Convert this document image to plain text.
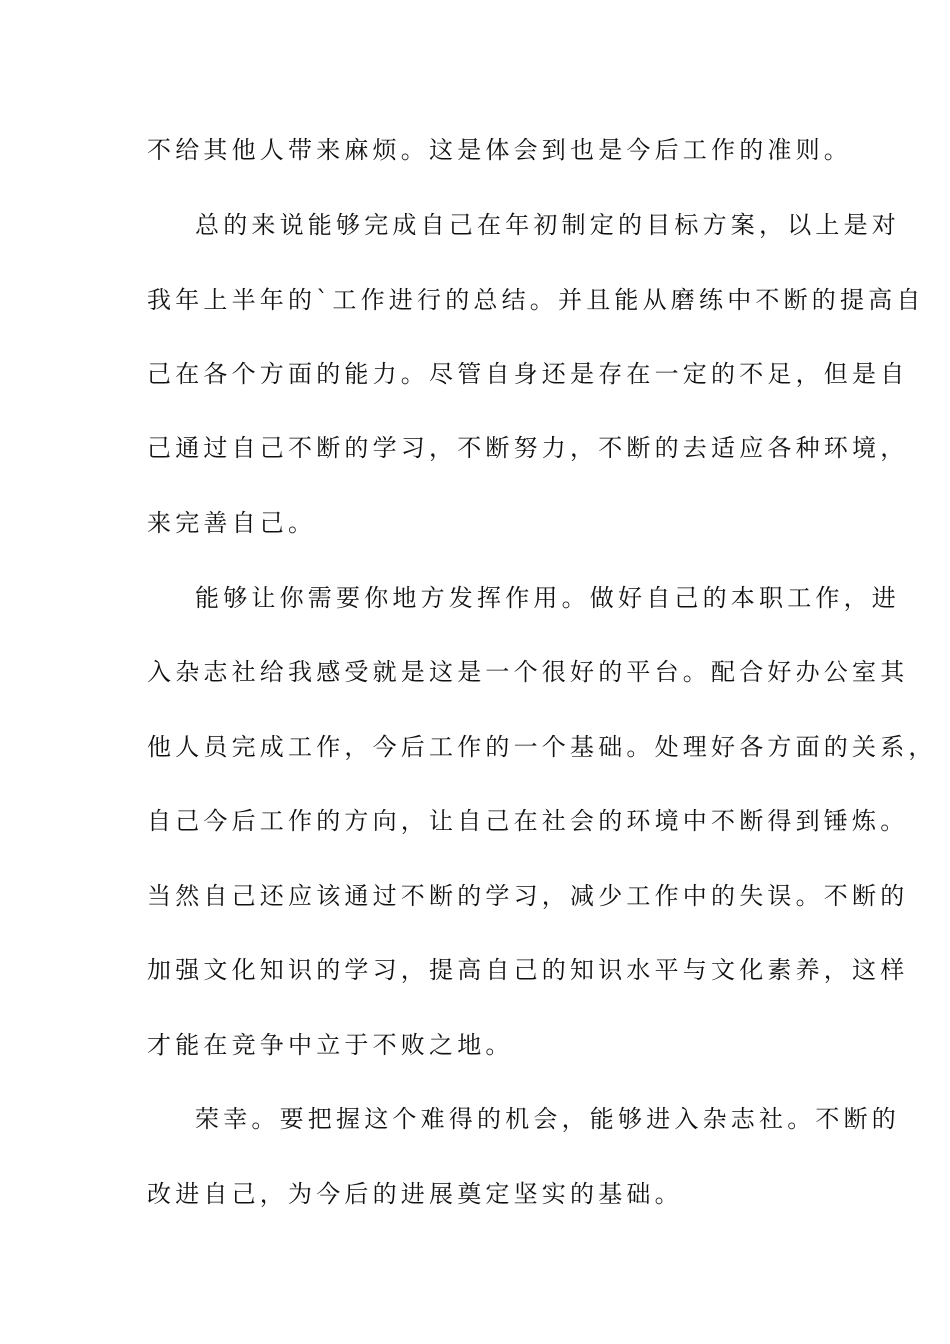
不给其他人带来麻烦。这是体会到也是今后工作的准则。

总的来说能够完成自己在年初制定的目标方案，以上是对

我年上半年的`工作进行的总结。并且能从磨练中不断的提高自

己在各个方面的能力。尽管自身还是存在一定的不足，但是自

己通过自己不断的学习，不断努力，不断的去适应各种环境，

来完善自己。

能够让你需要你地方发挥作用。做好自己的本职工作，进

入杂志社给我感受就是这是一个很好的平台。配合好办公室其

他人员完成工作，今后工作的一个基础。处理好各方面的关系，

自己今后工作的方向，让自己在社会的环境中不断得到锤炼。

当然自己还应该通过不断的学习，减少工作中的失误。不断的

加强文化知识的学习，提高自己的知识水平与文化素养，这样

才能在竞争中立于不败之地。

荣幸。要把握这个难得的机会，能够进入杂志社。不断的

改进自己，为今后的进展奠定坚实的基础。
